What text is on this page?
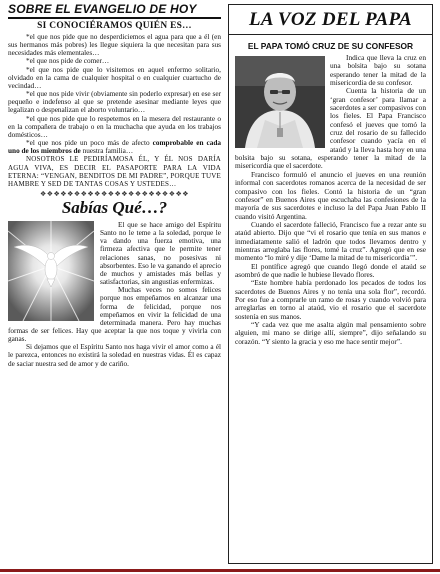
SOBRE EL EVANGELIO DE HOY
SI CONOCIÉRAMOS QUIÉN ES…

*el que nos pide que no desperdiciemos el agua para que a él (en sus hermanos más pobres) les llegue siquiera la que necesitan para sus necesidades más elementales…

*el que nos pide de comer…

*el que nos pide que lo visitemos en aquel enfermo solitario, olvidado en la cama de cualquier hospital o en cualquier cuartucho de vecindad…

*el que nos pide vivir (obviamente sin poderlo expresar) en ese ser pequeño e indefenso al que se pretende asesinar mediante leyes que legalizan o despenalizan el aborto voluntario…

*el que nos pide que lo respetemos en la mesera del restaurante o en la compañera de trabajo o en la muchacha que ayuda en los trabajos domésticos…

*el que nos pide un poco más de afecto comprobable en cada uno de los miembros de nuestra familia…

NOSOTROS LE PEDIRÍAMOSA ÉL, Y ÉL NOS DARÍA AGUA VIVA, ES DECIR EL PASAPORTE PARA LA VIDA ETERNA: “VENGAN, BENDITOS DE MI PADRE”, PORQUE TUVE HAMBRE Y SED DE TANTAS COSAS Y USTEDES…

❖❖❖❖❖❖❖❖❖❖❖❖❖❖❖❖❖❖❖❖❖❖
Sabías Qué…?

El que se hace amigo del Espíritu Santo no le teme a la soledad, porque le va dando una fuerza emotiva, una firmeza afectiva que le permite tener relaciones sanas, no posesivas ni absorbentes. Eso le va ganando el aprecio de muchos y amistades más bellas y satisfactorias, sin angustias enfermizas.

Muchas veces no somos felices porque nos empeñamos en alcanzar una forma de felicidad, porque nos empeñamos en vivir la felicidad de una determinada manera. Pero hay muchas formas de ser felices. Hay que aceptar la que nos toque y vivirla con ganas.

Si dejamos que el Espíritu Santo nos haga vivir el amor como a él le parezca, entonces no existirá la soledad en nuestras vidas. Él es capaz de saciar nuestra sed de amor y de cariño.

LA VOZ DEL PAPA
EL PAPA TOMÓ CRUZ DE SU CONFESOR

Indica que lleva la cruz en una bolsita bajo su sotana esperando tener la mitad de la misericordia de su confesor.

Cuenta la historia de un ‘gran confesor’ para llamar a sacerdotes a ser compasivos con los fieles. El Papa Francisco confesó el jueves que tomó la cruz del rosario de su fallecido confesor cuando yacía en el ataúd y la lleva hasta hoy en una bolsita bajo su sotana, esperando tener la mitad de la misericordia que el sacerdote.

Francisco formuló el anuncio el jueves en una reunión informal con sacerdotes romanos acerca de la necesidad de ser compasivo con los fieles. Contó la historia de un “gran confesor” en Buenos Aires que escuchaba las confesiones de la mayoría de sus sacerdotes e incluso la del Papa Juan Pablo II cuando visitó Argentina.

Cuando el sacerdote falleció, Francisco fue a rezar ante su ataúd abierto. Dijo que “vi el rosario que tenía en sus manos e inmediatamente salió el ladrón que todos llevamos dentro y mientras arreglaba las flores, tomé la cruz”. Agregó que en ese momento “lo miré y dije ‘Dame la mitad de tu misericordia’”.

El pontífice agregó que cuando llegó donde el ataúd se asombró de que nadie le hubiese llevado flores.

“Este hombre había perdonado los pecados de todos los sacerdotes de Buenos Aires y no tenía una sola flor”, recordó. Por eso fue a comprarle un ramo de rosas y cuando volvió para arreglarlas en torno al ataúd, vio el rosario que el sacerdote sostenía en sus manos.

“Y cada vez que me asalta algún mal pensamiento sobre alguien, mi mano se dirige allí, siempre”, dijo señalando su corazón. “Y siento la gracia y eso me hace sentir mejor”.
